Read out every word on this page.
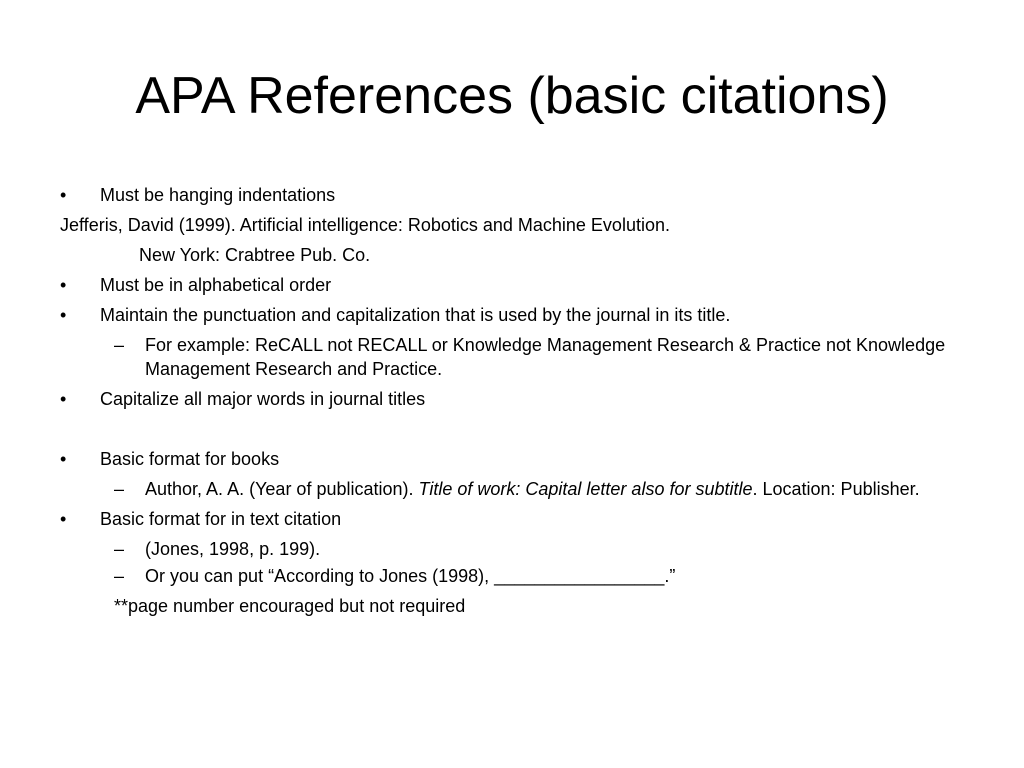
APA References (basic citations)

• Must be hanging indentations

Jefferis, David (1999). Artificial intelligence: Robotics and Machine Evolution.

New York: Crabtree Pub. Co.

• Must be in alphabetical order

• Maintain the punctuation and capitalization that is used by the journal in its title.

– For example: ReCALL not RECALL or Knowledge Management Research & Practice not Knowledge Management Research and Practice.

• Capitalize all major words in journal titles

• Basic format for books

– Author, A. A. (Year of publication). Title of work: Capital letter also for subtitle. Location: Publisher.

• Basic format for in text citation

– (Jones, 1998, p. 199).

– Or you can put “According to Jones (1998), _________________.”

**page number encouraged but not required
